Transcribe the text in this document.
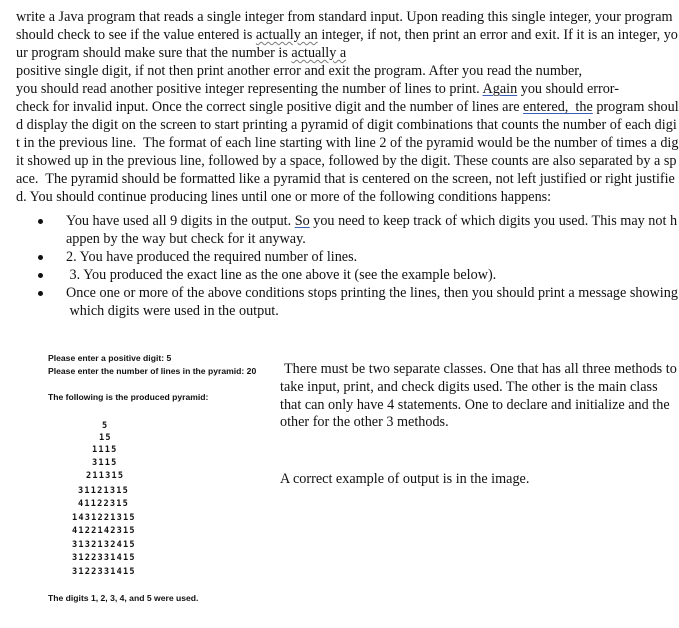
write a Java program that reads a single integer from standard input. Upon reading this single integer, your program
should check to see if the value entered is actually an integer, if not, then print an error and exit. If it is an integer, yo
ur program should make sure that the number is actually a
positive single digit, if not then print another error and exit the program. After you read the number,
you should read another positive integer representing the number of lines to print. Again you should error-
check for invalid input. Once the correct single positive digit and the number of lines are entered,  the program shoul
d display the digit on the screen to start printing a pyramid of digit combinations that counts the number of each digi
t in the previous line.  The format of each line starting with line 2 of the pyramid would be the number of times a dig
it showed up in the previous line, followed by a space, followed by the digit. These counts are also separated by a sp
ace.  The pyramid should be formatted like a pyramid that is centered on the screen, not left justified or right justifie
d. You should continue producing lines until one or more of the following conditions happens:
You have used all 9 digits in the output. So you need to keep track of which digits you used. This may not h
appen by the way but check for it anyway.
2. You have produced the required number of lines.
3. You produced the exact line as the one above it (see the example below).
Once one or more of the above conditions stops printing the lines, then you should print a message showing
which digits were used in the output.
Please enter a positive digit: 5
Please enter the number of lines in the pyramid: 20
The following is the produced pyramid:
5
15
1115
3115
211315
31121315
41122315
1431221315
4122142315
3132132415
3122331415
3122331415
The digits 1, 2, 3, 4, and 5 were used.
There must be two separate classes. One that has all three methods to
take input, print, and check digits used. The other is the main class
that can only have 4 statements. One to declare and initialize and the
other for the other 3 methods.
A correct example of output is in the image.
